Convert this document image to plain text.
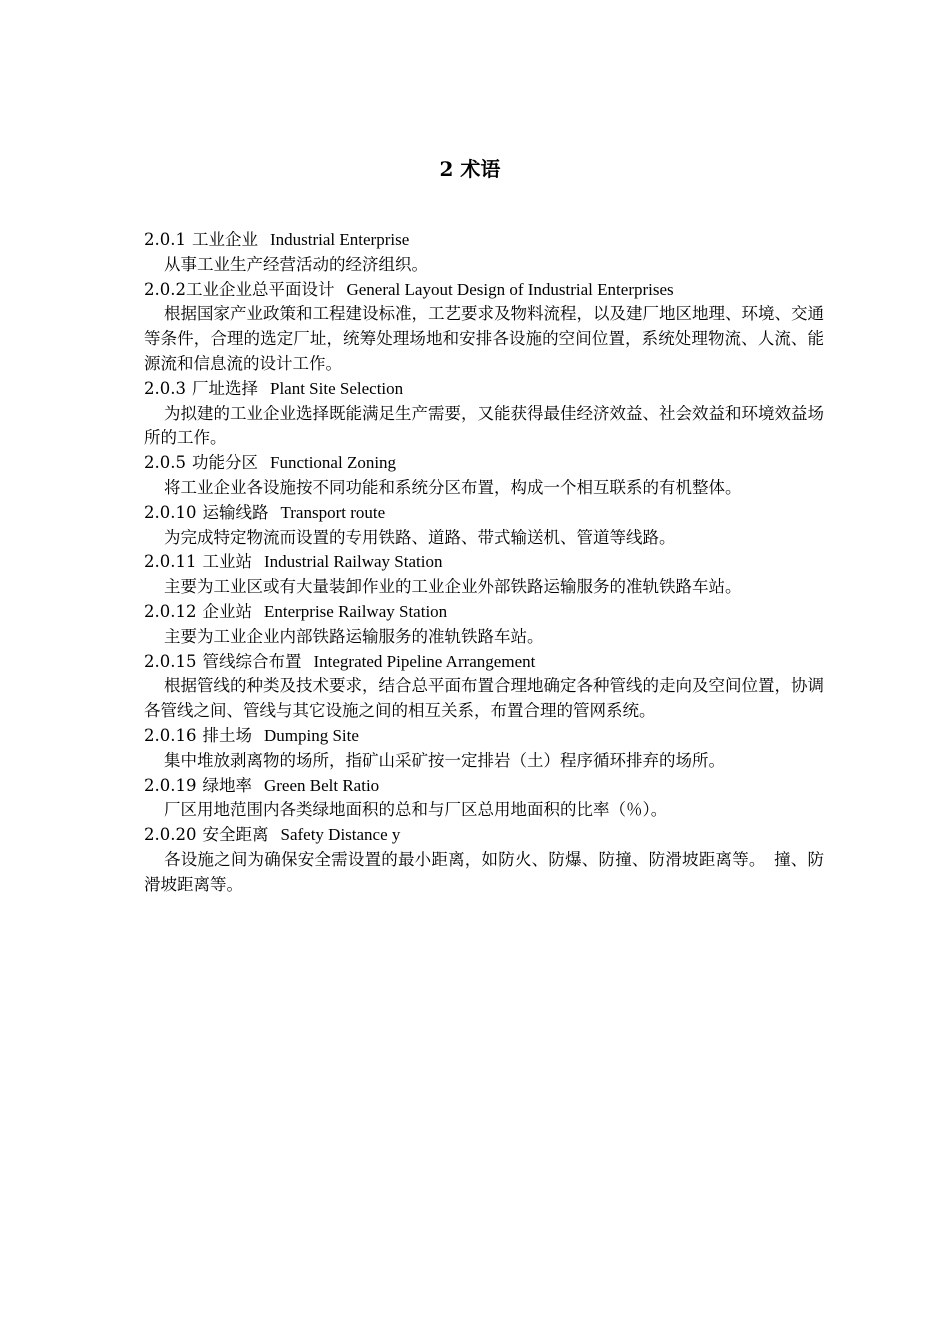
2 术语
2.0.1 工业企业 Industrial Enterprise

从事工业生产经营活动的经济组织。

2.0.2工业企业总平面设计 General Layout Design of Industrial Enterprises

根据国家产业政策和工程建设标准，工艺要求及物料流程，以及建厂地区地理、环境、交通等条件，合理的选定厂址，统筹处理场地和安排各设施的空间位置，系统处理物流、人流、能源流和信息流的设计工作。

2.0.3 厂址选择 Plant Site Selection

为拟建的工业企业选择既能满足生产需要，又能获得最佳经济效益、社会效益和环境效益场所的工作。

2.0.5 功能分区 Functional Zoning

将工业企业各设施按不同功能和系统分区布置，构成一个相互联系的有机整体。

2.0.10 运输线路 Transport route

为完成特定物流而设置的专用铁路、道路、带式输送机、管道等线路。

2.0.11 工业站 Industrial Railway Station

主要为工业区或有大量装卸作业的工业企业外部铁路运输服务的准轨铁路车站。

2.0.12 企业站 Enterprise Railway Station

主要为工业企业内部铁路运输服务的准轨铁路车站。

2.0.15 管线综合布置 Integrated Pipeline Arrangement

根据管线的种类及技术要求，结合总平面布置合理地确定各种管线的走向及空间位置，协调各管线之间、管线与其它设施之间的相互关系，布置合理的管网系统。

2.0.16 排土场 Dumping Site

集中堆放剥离物的场所，指矿山采矿按一定排岩（土）程序循环排弃的场所。

2.0.19 绿地率 Green Belt Ratio

厂区用地范围内各类绿地面积的总和与厂区总用地面积的比率（％）。

2.0.20 安全距离 Safety Distance y

各设施之间为确保安全需设置的最小距离，如防火、防爆、防撞、防滑坡距离等。　撞、防滑坡距离等。
